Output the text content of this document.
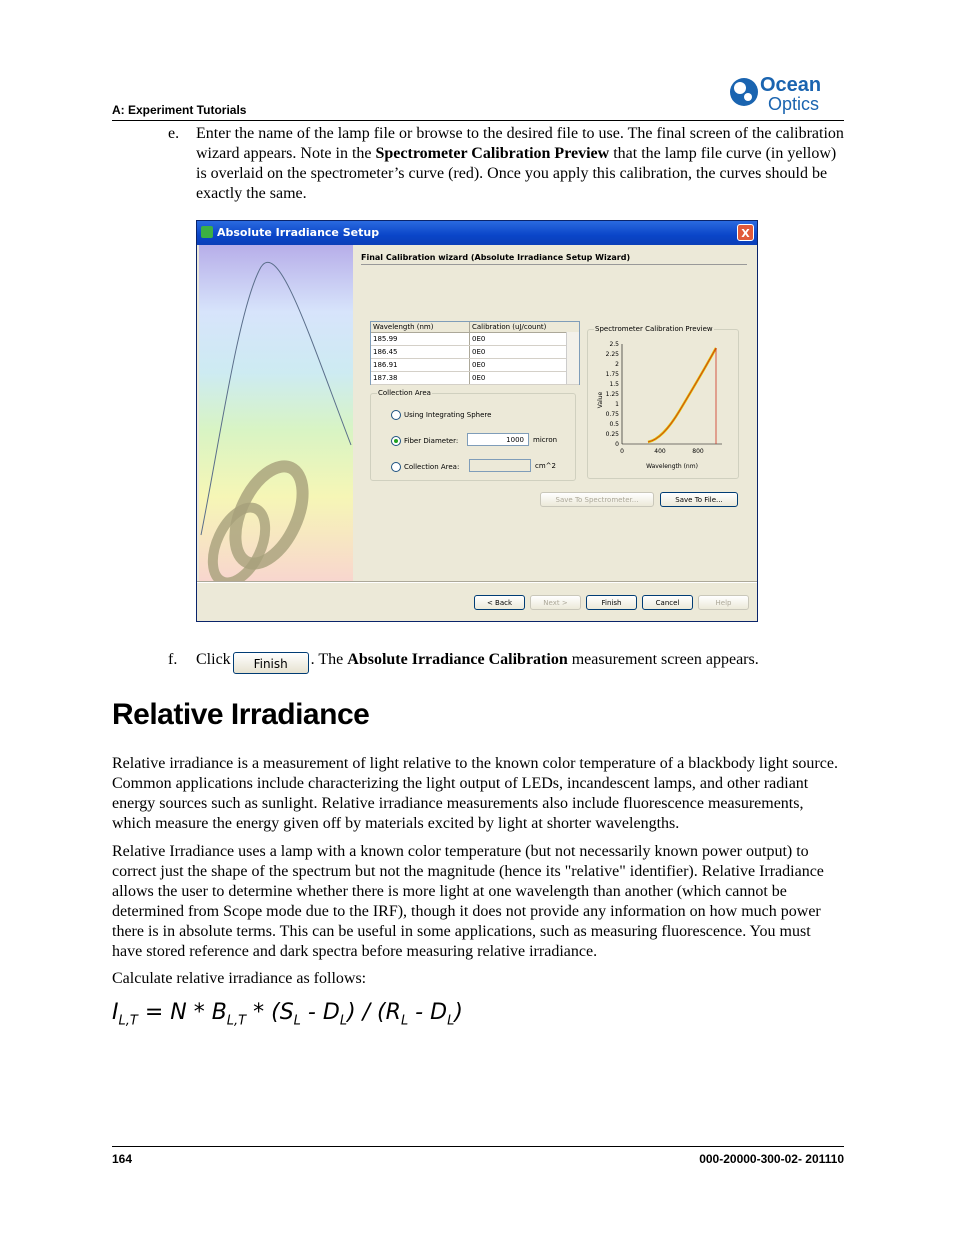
Ocean
Optics
A: Experiment Tutorials
e. Enter the name of the lamp file or browse to the desired file to use. The final screen of the calibration wizard appears. Note in the Spectrometer Calibration Preview that the lamp file curve (in yellow) is overlaid on the spectrometer’s curve (red). Once you apply this calibration, the curves should be exactly the same.
Absolute Irradiance Setup	X
Final Calibration wizard (Absolute Irradiance Setup Wizard)
Wavelength (nm)	Calibration (uJ/count)
185.99	0E0
186.45	0E0
186.91	0E0
187.38	0E0
Collection Area
Using Integrating Sphere
Fiber Diameter:	1000	micron
Collection Area:	cm^2
Spectrometer Calibration Preview
2.5
2.25
2
1.75
1.5
1.25
1
0.75
0.5
0.25
0
0	400	800
Value
Wavelength (nm)
Save To Spectrometer...	Save To File...
< Back	Next >	Finish	Cancel	Help
f. Click Finish . The Absolute Irradiance Calibration measurement screen appears.
Relative Irradiance
Relative irradiance is a measurement of light relative to the known color temperature of a blackbody light source. Common applications include characterizing the light output of LEDs, incandescent lamps, and other radiant energy sources such as sunlight. Relative irradiance measurements also include fluorescence measurements, which measure the energy given off by materials excited by light at shorter wavelengths.
Relative Irradiance uses a lamp with a known color temperature (but not necessarily known power output) to correct just the shape of the spectrum but not the magnitude (hence its "relative" identifier). Relative Irradiance allows the user to determine whether there is more light at one wavelength than another (which cannot be determined from Scope mode due to the IRF), though it does not provide any information on how much power there is in absolute terms. This can be useful in some applications, such as measuring fluorescence. You must have stored reference and dark spectra before measuring relative irradiance.
Calculate relative irradiance as follows:
$I_{L,T} = N * B_{L,T} * (S_L - D_L) / (R_L - D_L)$
164	000-20000-300-02- 201110
